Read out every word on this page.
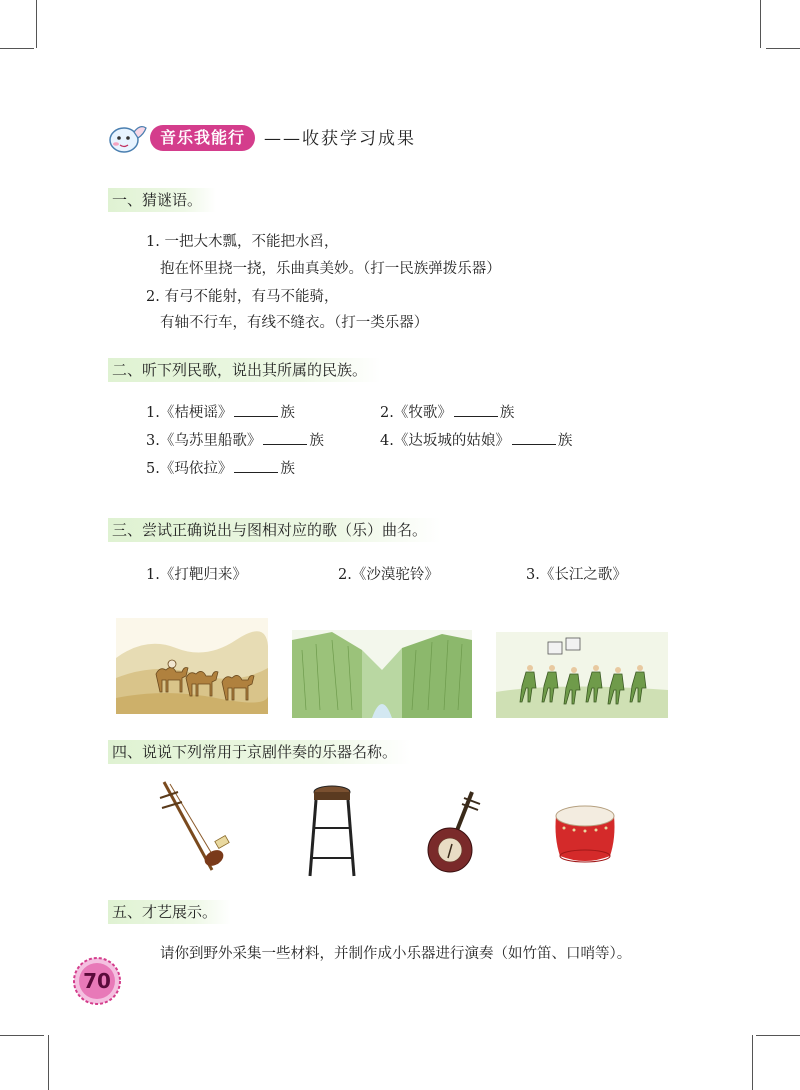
音乐我能行	——收获学习成果
一、猜谜语。
1. 一把大木瓢，不能把水舀，
抱在怀里挠一挠，乐曲真美妙。（打一民族弹拨乐器）
2. 有弓不能射，有马不能骑，
有轴不行车，有线不缝衣。（打一类乐器）
二、听下列民歌，说出其所属的民族。
1.《桔梗谣》	族	2.《牧歌》	族
3.《乌苏里船歌》	族	4.《达坂城的姑娘》	族
5.《玛依拉》	族
三、尝试正确说出与图相对应的歌（乐）曲名。
1.《打靶归来》	2.《沙漠驼铃》	3.《长江之歌》
四、说说下列常用于京剧伴奏的乐器名称。
五、才艺展示。
请你到野外采集一些材料，并制作成小乐器进行演奏（如竹笛、口哨等）。
70
